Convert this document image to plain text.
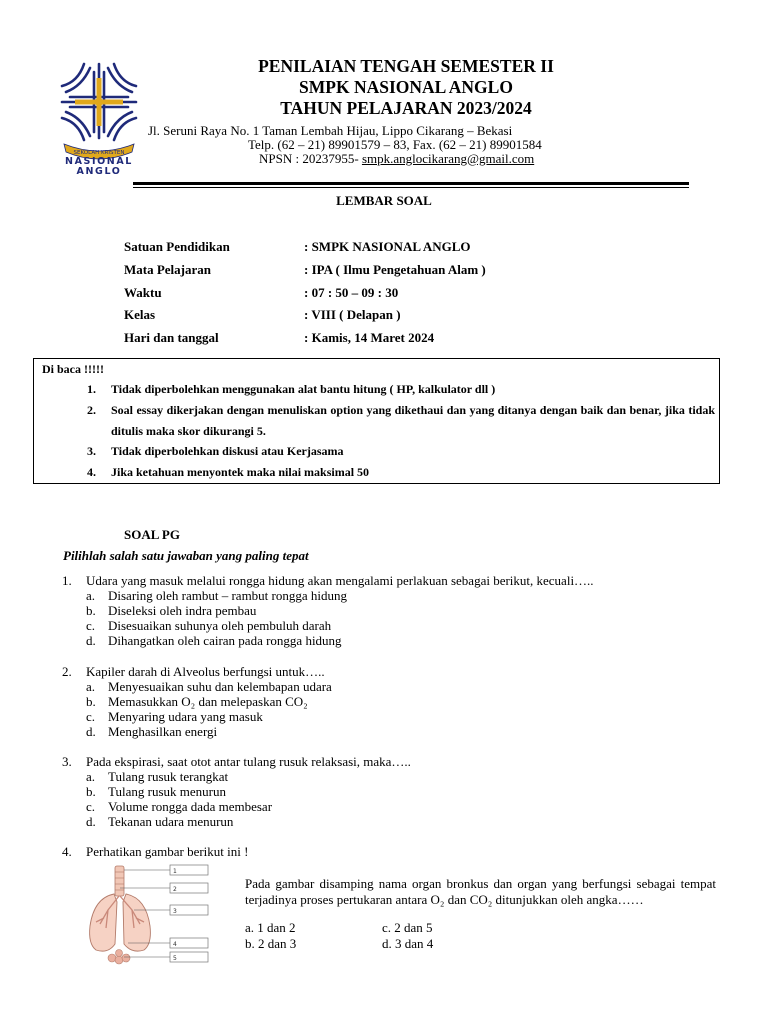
SEKOLAH KRISTEN
NASIONAL
ANGLO
PENILAIAN TENGAH SEMESTER II
SMPK NASIONAL ANGLO
TAHUN PELAJARAN 2023/2024
Jl. Seruni Raya No. 1 Taman Lembah Hijau, Lippo Cikarang – Bekasi
Telp. (62 – 21) 89901579 – 83, Fax. (62 – 21) 89901584
NPSN : 20237955- smpk.anglocikarang@gmail.com
LEMBAR SOAL
Satuan Pendidikan	: SMPK NASIONAL ANGLO
Mata Pelajaran	: IPA ( Ilmu Pengetahuan Alam )
Waktu	: 07 : 50 – 09 : 30
Kelas	: VIII ( Delapan )
Hari dan tanggal	: Kamis, 14 Maret 2024
Di baca !!!!!
1.	Tidak diperbolehkan menggunakan alat bantu hitung ( HP, kalkulator dll )
2.	Soal essay dikerjakan dengan menuliskan option yang dikethaui dan yang ditanya dengan baik dan benar, jika tidak ditulis maka skor dikurangi 5.
3.	Tidak diperbolehkan diskusi atau Kerjasama
4.	Jika ketahuan menyontek maka nilai maksimal 50
SOAL PG
Pilihlah salah satu jawaban yang paling tepat
1. Udara yang masuk melalui rongga hidung akan mengalami perlakuan sebagai berikut, kecuali…..
a. Disaring oleh rambut – rambut rongga hidung
b. Diseleksi oleh indra pembau
c. Disesuaikan suhunya oleh pembuluh darah
d. Dihangatkan oleh cairan pada rongga hidung
2. Kapiler darah di Alveolus berfungsi untuk…..
a. Menyesuaikan suhu dan kelembapan udara
b. Memasukkan O₂ dan melepaskan CO₂
c. Menyaring udara yang masuk
d. Menghasilkan energi
3. Pada ekspirasi, saat otot antar tulang rusuk relaksasi, maka…..
a. Tulang rusuk terangkat
b. Tulang rusuk menurun
c. Volume rongga dada membesar
d. Tekanan udara menurun
4. Perhatikan gambar berikut ini !
1
2
3
4
5
Pada gambar disamping nama organ bronkus dan organ yang berfungsi sebagai tempat terjadinya proses pertukaran antara O₂ dan CO₂ ditunjukkan oleh angka……
a. 1 dan 2	c. 2 dan 5
b. 2 dan 3	d. 3 dan 4
